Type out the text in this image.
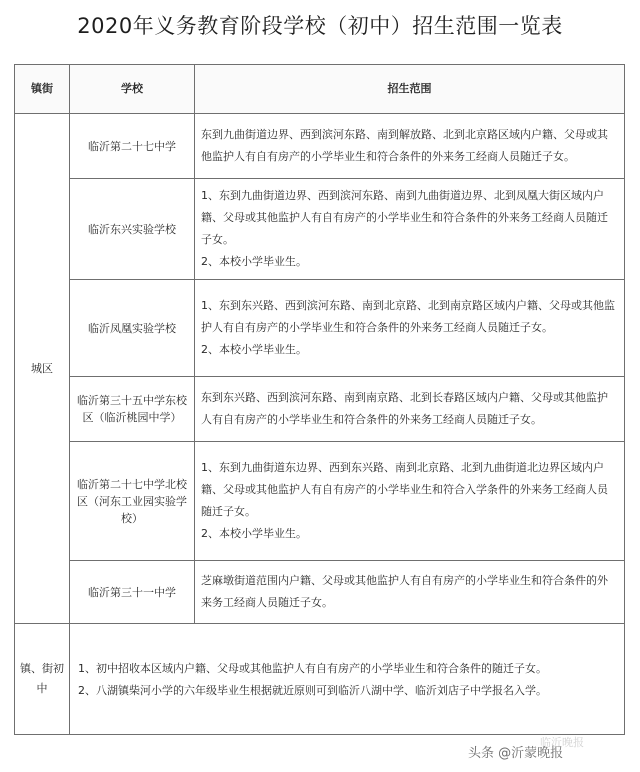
2020年义务教育阶段学校（初中）招生范围一览表
镇街	学校	招生范围
城区	临沂第二十七中学	东到九曲街道边界、西到滨河东路、南到解放路、北到北京路区域内户籍、父母或其他监护人有自有房产的小学毕业生和符合条件的外来务工经商人员随迁子女。

	临沂东兴实验学校	1、东到九曲街道边界、西到滨河东路、南到九曲街道边界、北到凤凰大街区域内户籍、父母或其他监护人有自有房产的小学毕业生和符合条件的外来务工经商人员随迁子女。

2、本校小学毕业生。

	临沂凤凰实验学校	1、东到东兴路、西到滨河东路、南到北京路、北到南京路区域内户籍、父母或其他监护人有自有房产的小学毕业生和符合条件的外来务工经商人员随迁子女。

2、本校小学毕业生。

	临沂第三十五中学东校区（临沂桃园中学）	东到东兴路、西到滨河东路、南到南京路、北到长春路区域内户籍、父母或其他监护人有自有房产的小学毕业生和符合条件的外来务工经商人员随迁子女。

	临沂第二十七中学北校区（河东工业园实验学校）	1、东到九曲街道东边界、西到东兴路、南到北京路、北到九曲街道北边界区域内户籍、父母或其他监护人有自有房产的小学毕业生和符合入学条件的外来务工经商人员随迁子女。

2、本校小学毕业生。

	临沂第三十一中学	芝麻墩街道范围内户籍、父母或其他监护人有自有房产的小学毕业生和符合条件的外来务工经商人员随迁子女。

镇、街初中	1、初中招收本区域内户籍、父母或其他监护人有自有房产的小学毕业生和符合条件的随迁子女。

2、八湖镇柴河小学的六年级毕业生根据就近原则可到临沂八湖中学、临沂刘店子中学报名入学。	

临沂晚报
头条 @沂蒙晚报
